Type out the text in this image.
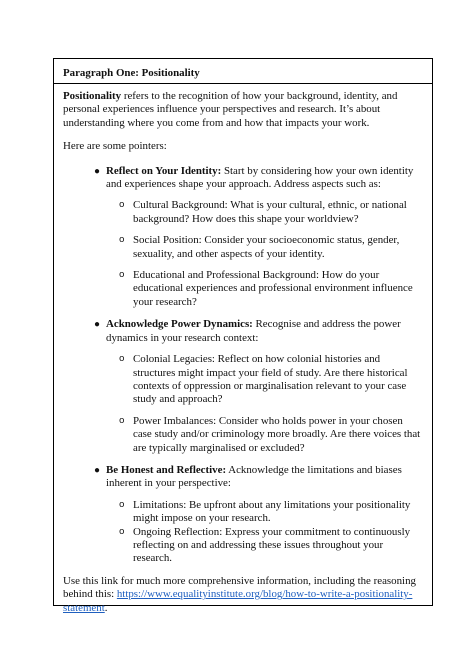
Paragraph One: Positionality

Positionality refers to the recognition of how your background, identity, and personal experiences influence your perspectives and research. It’s about understanding where you come from and how that impacts your work.

Here are some pointers:

● Reflect on Your Identity: Start by considering how your own identity and experiences shape your approach. Address aspects such as:
o Cultural Background: What is your cultural, ethnic, or national background? How does this shape your worldview?
o Social Position: Consider your socioeconomic status, gender, sexuality, and other aspects of your identity.
o Educational and Professional Background: How do your educational experiences and professional environment influence your research?
● Acknowledge Power Dynamics: Recognise and address the power dynamics in your research context:
o Colonial Legacies: Reflect on how colonial histories and structures might impact your field of study. Are there historical contexts of oppression or marginalisation relevant to your case study and approach?
o Power Imbalances: Consider who holds power in your chosen case study and/or criminology more broadly. Are there voices that are typically marginalised or excluded?
● Be Honest and Reflective: Acknowledge the limitations and biases inherent in your perspective:
o Limitations: Be upfront about any limitations your positionality might impose on your research.
o Ongoing Reflection: Express your commitment to continuously reflecting on and addressing these issues throughout your research.

Use this link for much more comprehensive information, including the reasoning behind this: https://www.equalityinstitute.org/blog/how-to-write-a-positionality-statement.
